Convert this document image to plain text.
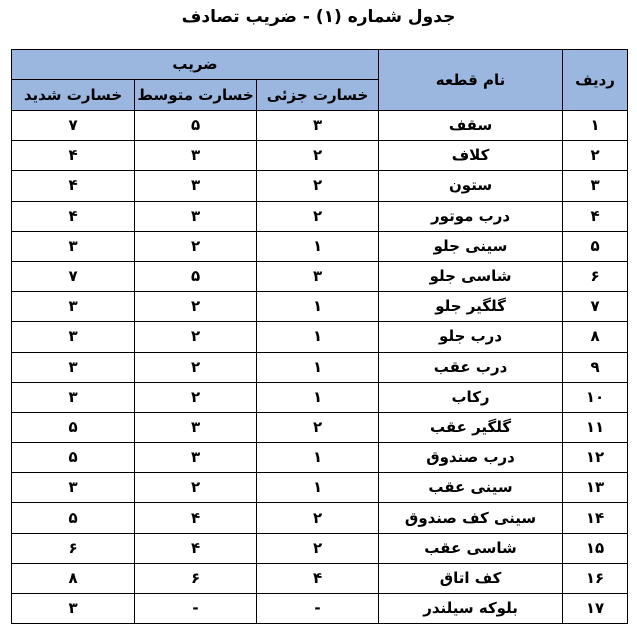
جدول شماره (۱) - ضریب تصادف
ردیف	نام قطعه	ضریب		
		خسارت جزئی	خسارت متوسط	خسارت شدید
۱	سقف	۳	۵	۷
۲	کلاف	۲	۳	۴
۳	ستون	۲	۳	۴
۴	درب موتور	۲	۳	۴
۵	سینی جلو	۱	۲	۳
۶	شاسی جلو	۳	۵	۷
۷	گلگیر جلو	۱	۲	۳
۸	درب جلو	۱	۲	۳
۹	درب عقب	۱	۲	۳
۱۰	رکاب	۱	۲	۳
۱۱	گلگیر عقب	۲	۳	۵
۱۲	درب صندوق	۱	۳	۵
۱۳	سینی عقب	۱	۲	۳
۱۴	سینی کف صندوق	۲	۴	۵
۱۵	شاسی عقب	۲	۴	۶
۱۶	کف اتاق	۴	۶	۸
۱۷	بلوکه سیلندر	-	-	۳
